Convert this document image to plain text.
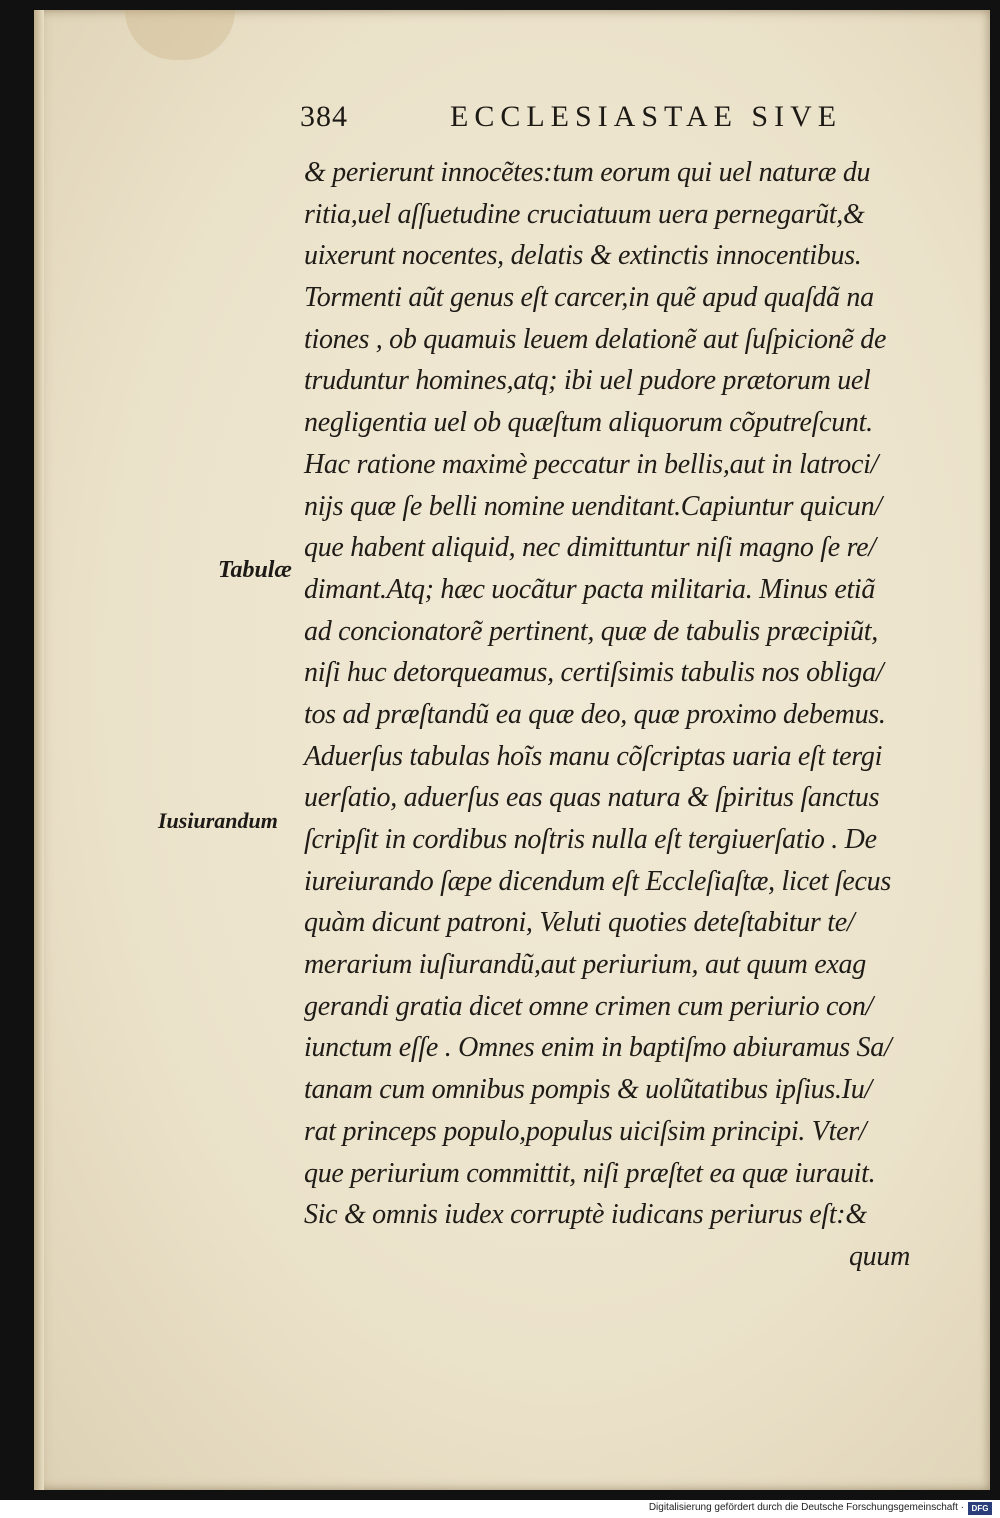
384	ECCLESIASTAE SIVE
Tabulæ
Iusiurandum
& perierunt innocẽtes:tum eorum qui uel naturæ du
ritia,uel aſſuetudine cruciatuum uera pernegarũt,&
uixerunt nocentes, delatis & extinctis innocentibus.
Tormenti aũt genus eſt carcer,in quẽ apud quaſdã na
tiones , ob quamuis leuem delationẽ aut ſuſpicionẽ de
truduntur homines,atq; ibi uel pudore prætorum uel
negligentia uel ob quæſtum aliquorum cõputreſcunt.
Hac ratione maximè peccatur in bellis,aut in latroci/
nijs quæ ſe belli nomine uenditant.Capiuntur quicun/
que habent aliquid, nec dimittuntur niſi magno ſe re/
dimant.Atq; hæc uocãtur pacta militaria. Minus etiã
ad concionatorẽ pertinent, quæ de tabulis præcipiũt,
niſi huc detorqueamus, certiſsimis tabulis nos obliga/
tos ad præſtandũ ea quæ deo, quæ proximo debemus.
Aduerſus tabulas hoĩs manu cõſcriptas uaria eſt tergi
uerſatio, aduerſus eas quas natura & ſpiritus ſanctus
ſcripſit in cordibus noſtris nulla eſt tergiuerſatio . De
iureiurando ſæpe dicendum eſt Eccleſiaſtæ, licet ſecus
quàm dicunt patroni, Veluti quoties deteſtabitur te/
merarium iuſiurandũ,aut periurium, aut quum exag
gerandi gratia dicet omne crimen cum periurio con/
iunctum eſſe . Omnes enim in baptiſmo abiuramus Sa/
tanam cum omnibus pompis & uolũtatibus ipſius.Iu/
rat princeps populo,populus uiciſsim principi. Vter/
que periurium committit, niſi præſtet ea quæ iurauit.
Sic & omnis iudex corruptè iudicans periurus eſt:&
quum
Digitalisierung gefördert durch die Deutsche Forschungsgemeinschaft · DFG
